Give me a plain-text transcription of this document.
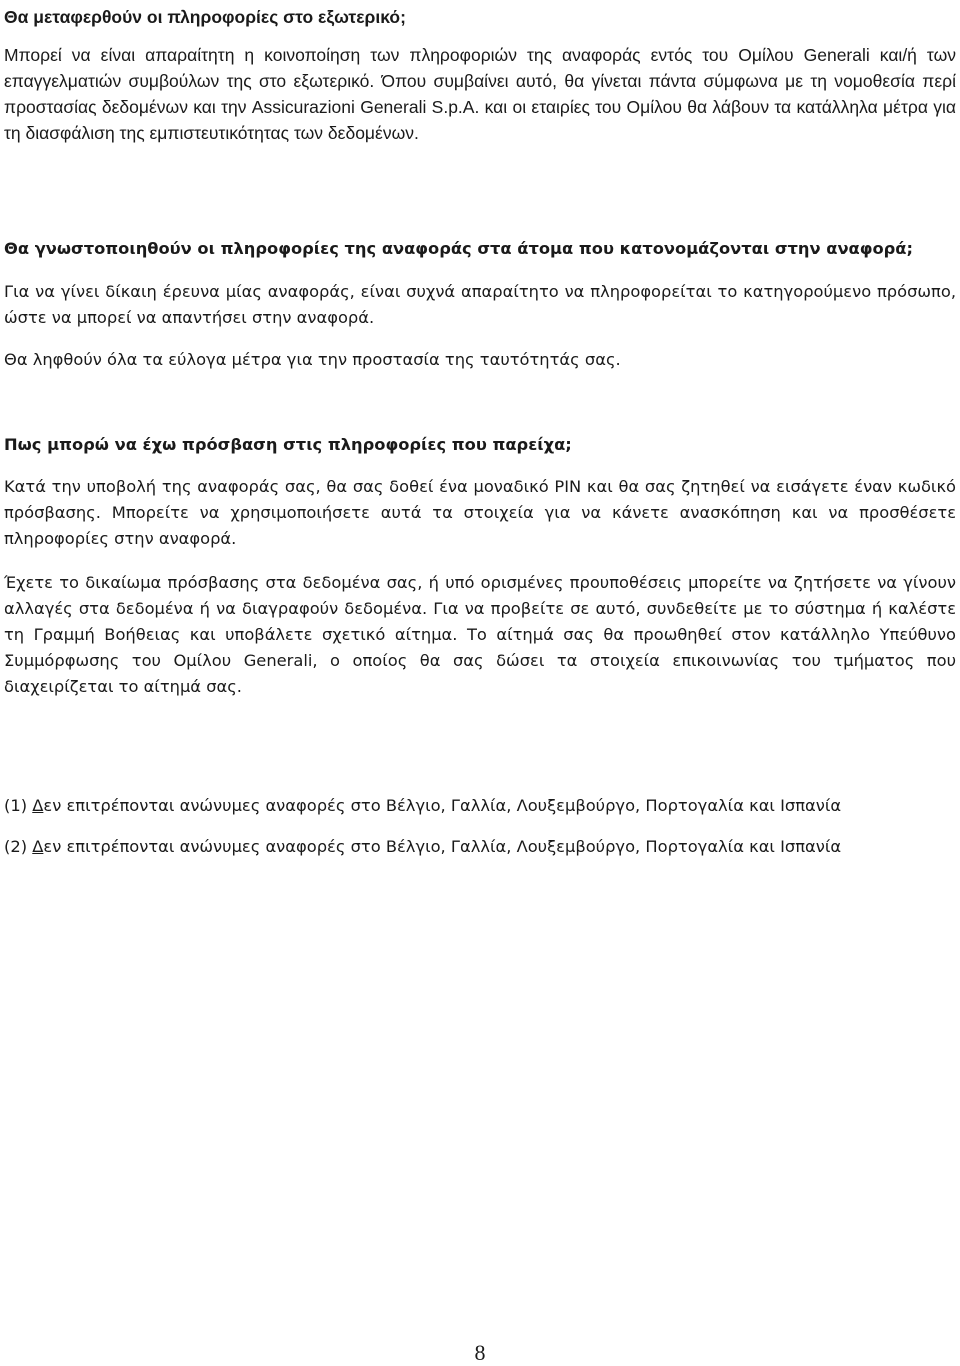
Θα μεταφερθούν οι πληροφορίες στο εξωτερικό;

Μπορεί να είναι απαραίτητη η κοινοποίηση των πληροφοριών της αναφοράς εντός του Ομίλου Generali και/ή των επαγγελματιών συμβούλων της στο εξωτερικό. Όπου συμβαίνει αυτό, θα γίνεται πάντα σύμφωνα με τη νομοθεσία περί προστασίας δεδομένων και την Assicurazioni Generali S.p.A. και οι εταιρίες του Ομίλου θα λάβουν τα κατάλληλα μέτρα για τη διασφάλιση της εμπιστευτικότητας των δεδομένων.

Θα γνωστοποιηθούν οι πληροφορίες της αναφοράς στα άτομα που κατονομάζονται στην αναφορά;

Για να γίνει δίκαιη έρευνα μίας αναφοράς, είναι συχνά απαραίτητο να πληροφορείται το κατηγορούμενο πρόσωπο, ώστε να μπορεί να απαντήσει στην αναφορά.

Θα ληφθούν όλα τα εύλογα μέτρα για την προστασία της ταυτότητάς σας.

Πως μπορώ να έχω πρόσβαση στις πληροφορίες που παρείχα;

Κατά την υποβολή της αναφοράς σας, θα σας δοθεί ένα μοναδικό PIN και θα σας ζητηθεί να εισάγετε έναν κωδικό πρόσβασης. Μπορείτε να χρησιμοποιήσετε αυτά τα στοιχεία για να κάνετε ανασκόπηση και να προσθέσετε πληροφορίες στην αναφορά.

Έχετε το δικαίωμα πρόσβασης στα δεδομένα σας, ή υπό ορισμένες προυποθέσεις μπορείτε να ζητήσετε να γίνουν αλλαγές στα δεδομένα ή να διαγραφούν δεδομένα. Για να προβείτε σε αυτό, συνδεθείτε με το σύστημα ή καλέστε τη Γραμμή Βοήθειας και υποβάλετε σχετικό αίτημα. Το αίτημά σας θα προωθηθεί στον κατάλληλο Υπεύθυνο Συμμόρφωσης του Ομίλου Generali, ο οποίος θα σας δώσει τα στοιχεία επικοινωνίας του τμήματος που διαχειρίζεται το αίτημά σας.

(1) Δεν επιτρέπονται ανώνυμες αναφορές στο Βέλγιο, Γαλλία, Λουξεμβούργο, Πορτογαλία και Ισπανία

(2) Δεν επιτρέπονται ανώνυμες αναφορές στο Βέλγιο, Γαλλία, Λουξεμβούργο, Πορτογαλία και Ισπανία

8
